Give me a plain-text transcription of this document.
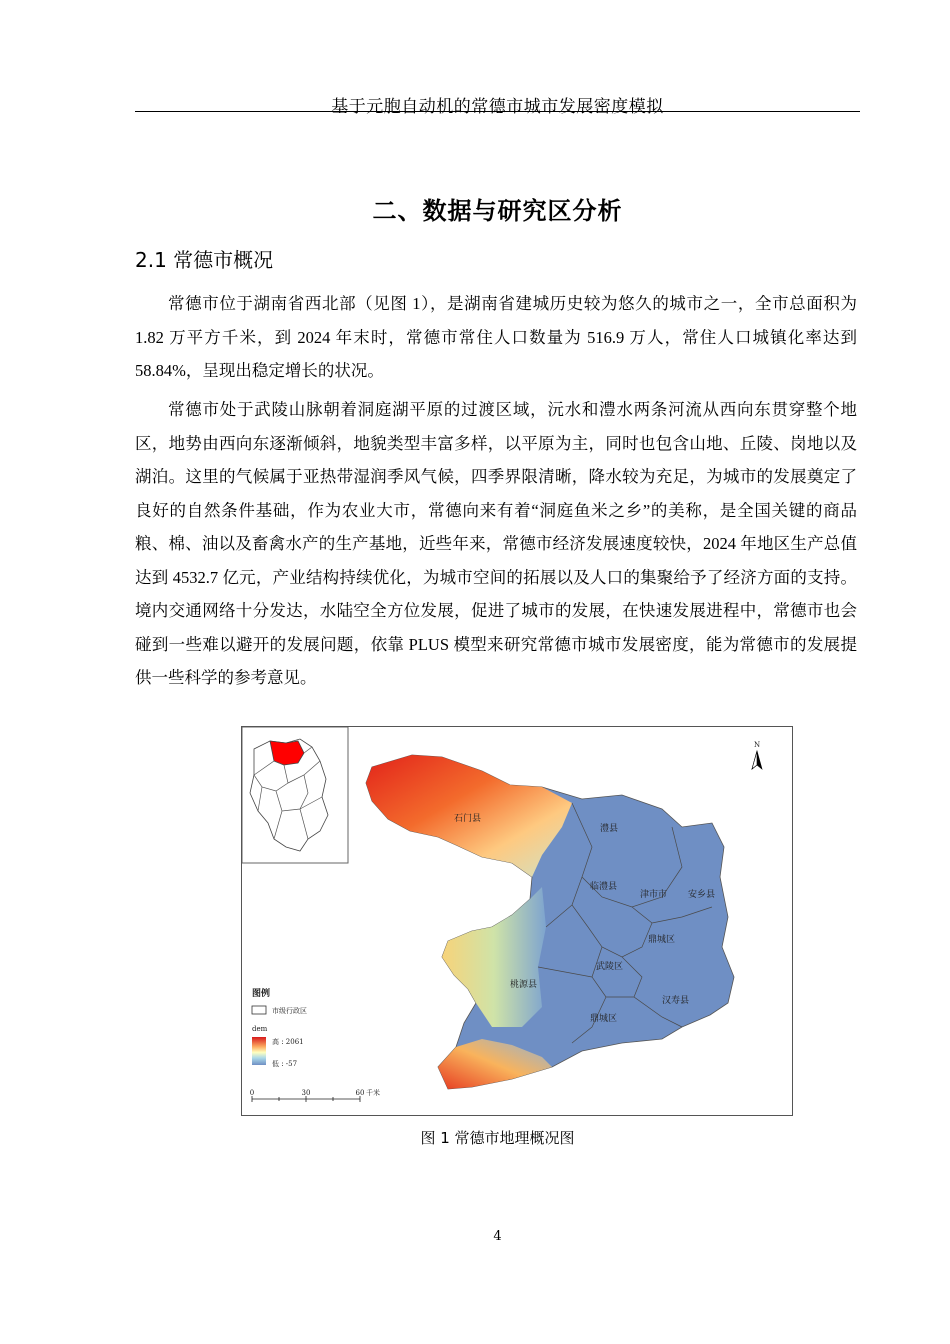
基于元胞自动机的常德市城市发展密度模拟
二、数据与研究区分析
2.1 常德市概况

常德市位于湖南省西北部（见图 1），是湖南省建城历史较为悠久的城市之一，全市总面积为 1.82 万平方千米，到 2024 年末时，常德市常住人口数量为 516.9 万人，常住人口城镇化率达到 58.84%，呈现出稳定增长的状况。

常德市处于武陵山脉朝着洞庭湖平原的过渡区域，沅水和澧水两条河流从西向东贯穿整个地区，地势由西向东逐渐倾斜，地貌类型丰富多样，以平原为主，同时也包含山地、丘陵、岗地以及湖泊。这里的气候属于亚热带湿润季风气候，四季界限清晰，降水较为充足，为城市的发展奠定了良好的自然条件基础，作为农业大市，常德向来有着“洞庭鱼米之乡”的美称，是全国关键的商品粮、棉、油以及畜禽水产的生产基地，近些年来，常德市经济发展速度较快，2024 年地区生产总值达到 4532.7 亿元，产业结构持续优化，为城市空间的拓展以及人口的集聚给予了经济方面的支持。境内交通网络十分发达，水陆空全方位发展，促进了城市的发展，在快速发展进程中，常德市也会碰到一些难以避开的发展问题，依靠 PLUS 模型来研究常德市城市发展密度，能为常德市的发展提供一些科学的参考意见。

石门县
澧县
临澧县
津市市 安乡县
鼎城区
武陵区
桃源县
汉寿县
鼎城区
N
图例
市级行政区
dem
高 : 2061
低 : -57
0	30	60 千米
图 1 常德市地理概况图
4
